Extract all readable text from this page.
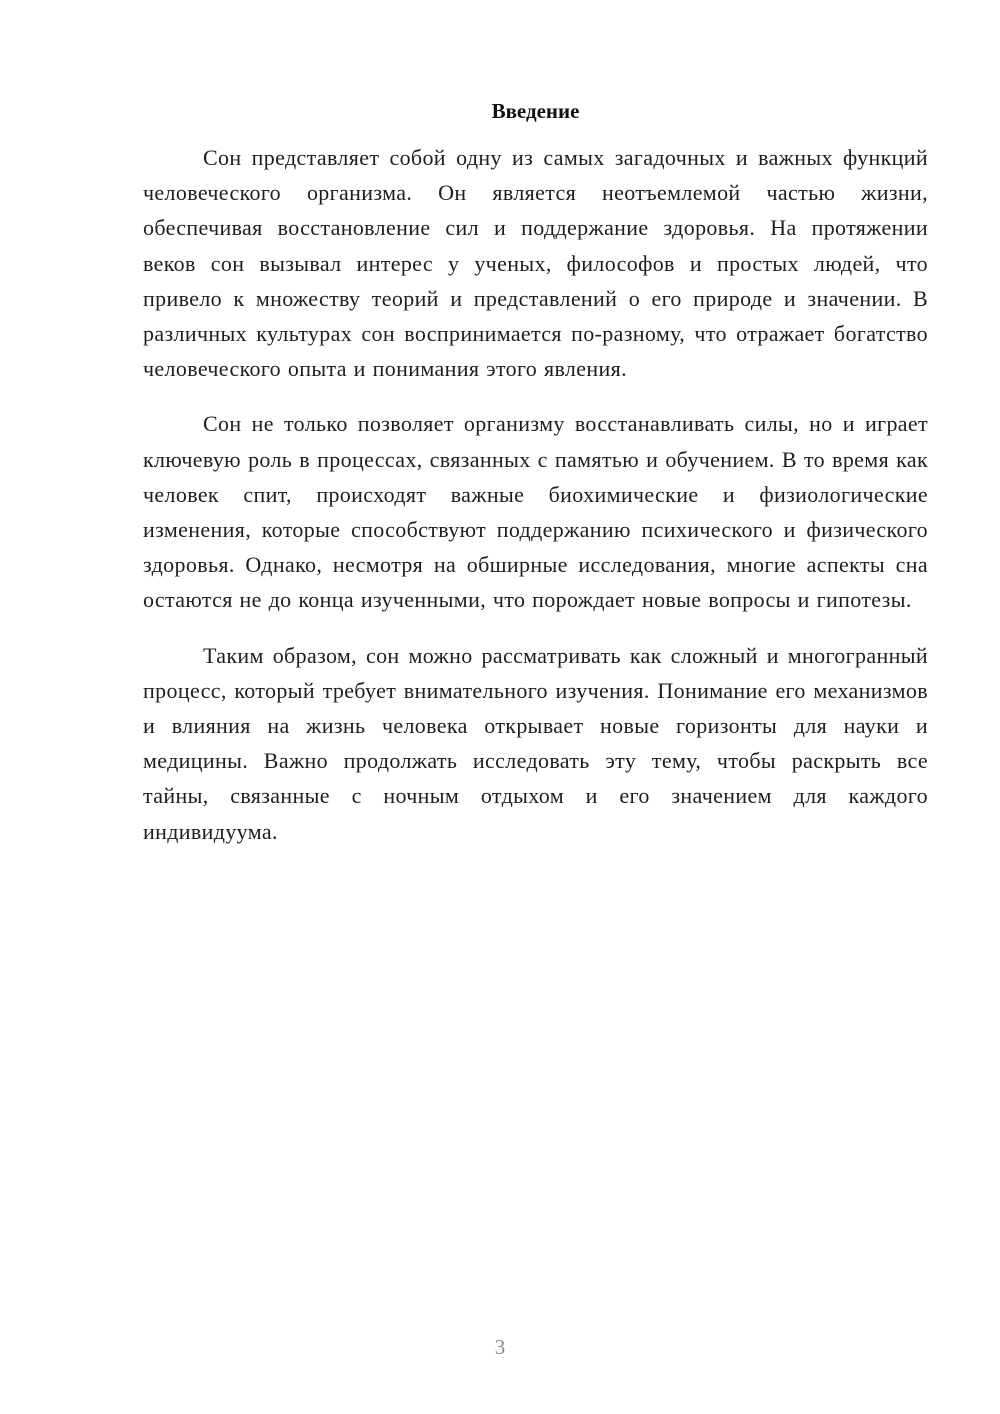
Введение

Сон представляет собой одну из самых загадочных и важных функций человеческого организма. Он является неотъемлемой частью жизни, обеспечивая восстановление сил и поддержание здоровья. На протяжении веков сон вызывал интерес у ученых, философов и простых людей, что привело к множеству теорий и представлений о его природе и значении. В различных культурах сон воспринимается по-разному, что отражает богатство человеческого опыта и понимания этого явления.

Сон не только позволяет организму восстанавливать силы, но и играет ключевую роль в процессах, связанных с памятью и обучением. В то время как человек спит, происходят важные биохимические и физиологические изменения, которые способствуют поддержанию психического и физического здоровья. Однако, несмотря на обширные исследования, многие аспекты сна остаются не до конца изученными, что порождает новые вопросы и гипотезы.

Таким образом, сон можно рассматривать как сложный и многогранный процесс, который требует внимательного изучения. Понимание его механизмов и влияния на жизнь человека открывает новые горизонты для науки и медицины. Важно продолжать исследовать эту тему, чтобы раскрыть все тайны, связанные с ночным отдыхом и его значением для каждого индивидуума.

3
